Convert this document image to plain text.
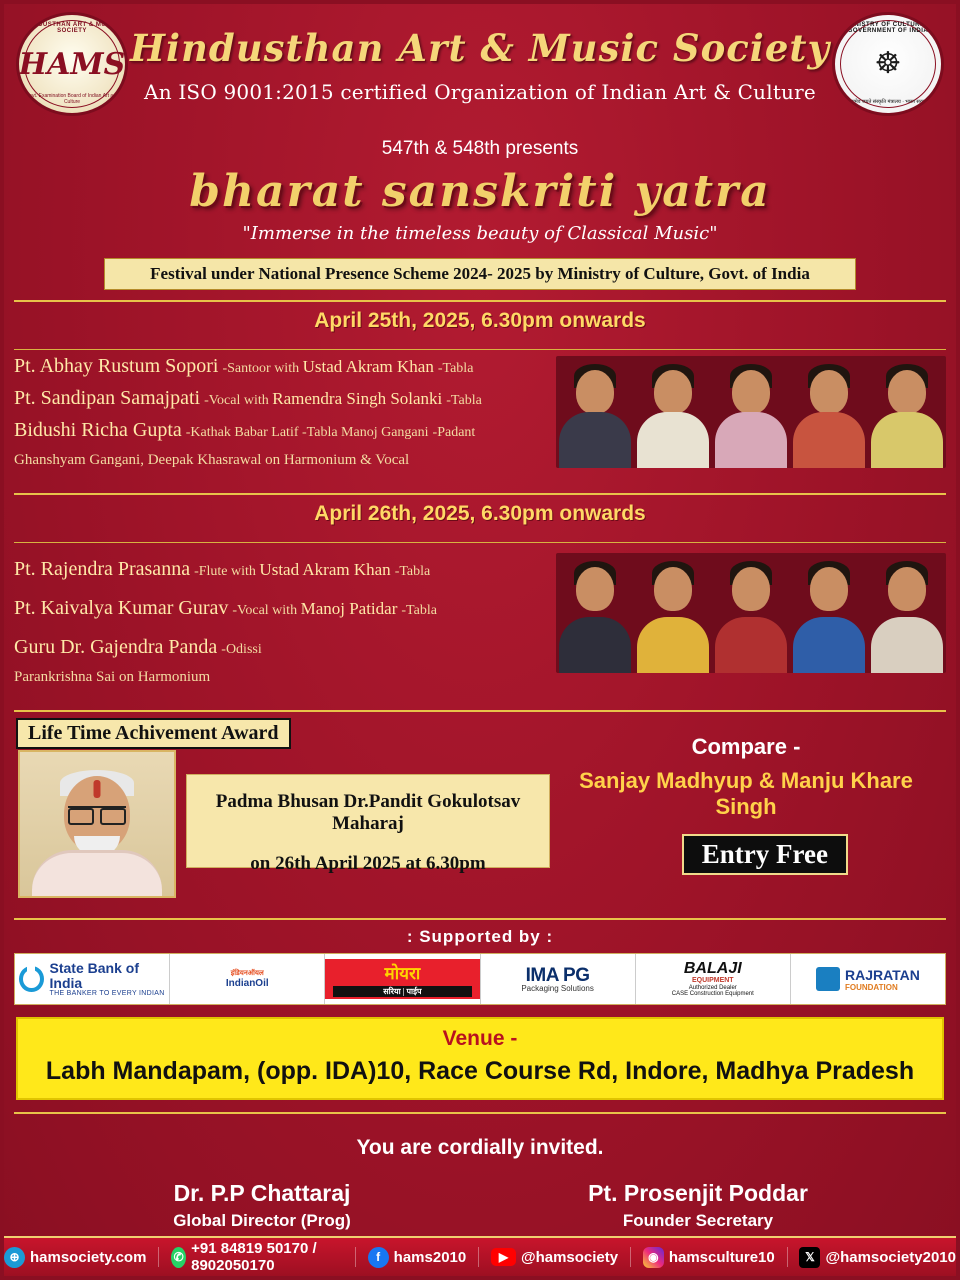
HINDUSTHAN ART & MUSIC SOCIETY
HAMS
Govt. Examination Board of Indian Art and Culture
MINISTRY OF CULTURE · GOVERNMENT OF INDIA
☸
सत्यमेव जयते संस्कृति मंत्रालय · भारत सरकार
Hindusthan Art & Music Society
An ISO 9001:2015 certified Organization of Indian Art & Culture
547th & 548th presents
bharat sanskriti yatra
"Immerse in the timeless beauty of Classical Music"
Festival under National Presence Scheme 2024- 2025 by Ministry of Culture, Govt. of India
April 25th, 2025, 6.30pm onwards
Pt. Abhay Rustum Sopori -Santoor with Ustad Akram Khan -Tabla
Pt. Sandipan Samajpati -Vocal with Ramendra Singh Solanki -Tabla
Bidushi Richa Gupta -Kathak Babar Latif -Tabla Manoj Gangani -Padant
Ghanshyam Gangani, Deepak Khasrawal on Harmonium & Vocal
April 26th, 2025, 6.30pm onwards
Pt. Rajendra Prasanna -Flute with Ustad Akram Khan -Tabla
Pt. Kaivalya Kumar Gurav -Vocal with Manoj Patidar -Tabla
Guru Dr. Gajendra Panda -Odissi
Parankrishna Sai on Harmonium
Life Time Achivement Award
Padma Bhusan Dr.Pandit Gokulotsav Maharaj
on 26th April 2025 at 6.30pm
Compare -
Sanjay Madhyup & Manju Khare Singh
Entry Free
: Supported by :
State Bank of India
THE BANKER TO EVERY INDIAN
इंडियनऑयल
IndianOil
मोयरा
सरिया | पाईप
IMA PG
Packaging Solutions
BALAJI
EQUIPMENT
Authorized Dealer
CASE Construction Equipment
RAJRATAN
FOUNDATION
Venue -
Labh Mandapam, (opp. IDA)10, Race Course Rd, Indore, Madhya Pradesh
You are cordially invited.
Dr. P.P Chattaraj
Global Director (Prog)
Pt. Prosenjit Poddar
Founder Secretary
⊕ hamsociety.com ✆ +91 84819 50170 / 8902050170	f hams2010	▶ @hamsociety	◉ hamsculture10	𝕏 @hamsociety2010
